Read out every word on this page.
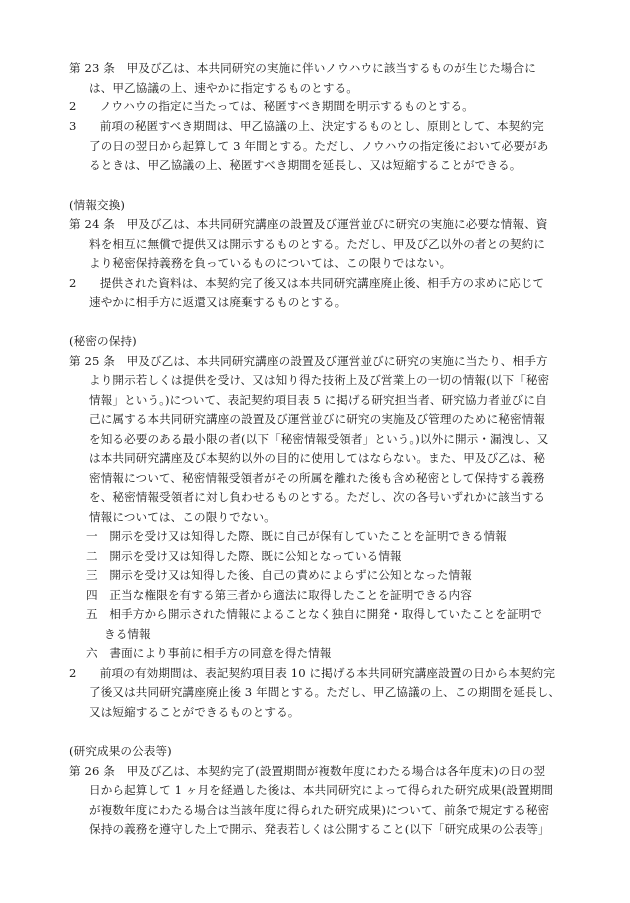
第 23 条　甲及び乙は、本共同研究の実施に伴いノウハウに該当するものが生じた場合に
は、甲乙協議の上、速やかに指定するものとする。
2　　ノウハウの指定に当たっては、秘匿すべき期間を明示するものとする。
3　　前項の秘匿すべき期間は、甲乙協議の上、決定するものとし、原則として、本契約完
了の日の翌日から起算して 3 年間とする。ただし、ノウハウの指定後において必要があ
るときは、甲乙協議の上、秘匿すべき期間を延長し、又は短縮することができる。
(情報交換)
第 24 条　甲及び乙は、本共同研究講座の設置及び運営並びに研究の実施に必要な情報、資
料を相互に無償で提供又は開示するものとする。ただし、甲及び乙以外の者との契約に
より秘密保持義務を負っているものについては、この限りではない。
2　　提供された資料は、本契約完了後又は本共同研究講座廃止後、相手方の求めに応じて
速やかに相手方に返還又は廃棄するものとする。
(秘密の保持)
第 25 条　甲及び乙は、本共同研究講座の設置及び運営並びに研究の実施に当たり、相手方
より開示若しくは提供を受け、又は知り得た技術上及び営業上の一切の情報(以下「秘密
情報」という。)について、表記契約項目表 5 に掲げる研究担当者、研究協力者並びに自
己に属する本共同研究講座の設置及び運営並びに研究の実施及び管理のために秘密情報
を知る必要のある最小限の者(以下「秘密情報受領者」という。)以外に開示・漏洩し、又
は本共同研究講座及び本契約以外の目的に使用してはならない。また、甲及び乙は、秘
密情報について、秘密情報受領者がその所属を離れた後も含め秘密として保持する義務
を、秘密情報受領者に対し負わせるものとする。ただし、次の各号いずれかに該当する
情報については、この限りでない。
一　開示を受け又は知得した際、既に自己が保有していたことを証明できる情報
二　開示を受け又は知得した際、既に公知となっている情報
三　開示を受け又は知得した後、自己の責めによらずに公知となった情報
四　正当な権限を有する第三者から適法に取得したことを証明できる内容
五　相手方から開示された情報によることなく独自に開発・取得していたことを証明で
きる情報
六　書面により事前に相手方の同意を得た情報
2　　前項の有効期間は、表記契約項目表 10 に掲げる本共同研究講座設置の日から本契約完
了後又は共同研究講座廃止後 3 年間とする。ただし、甲乙協議の上、この期間を延長し、
又は短縮することができるものとする。
(研究成果の公表等)
第 26 条　甲及び乙は、本契約完了(設置期間が複数年度にわたる場合は各年度末)の日の翌
日から起算して 1 ヶ月を経過した後は、本共同研究によって得られた研究成果(設置期間
が複数年度にわたる場合は当該年度に得られた研究成果)について、前条で規定する秘密
保持の義務を遵守した上で開示、発表若しくは公開すること(以下「研究成果の公表等」
